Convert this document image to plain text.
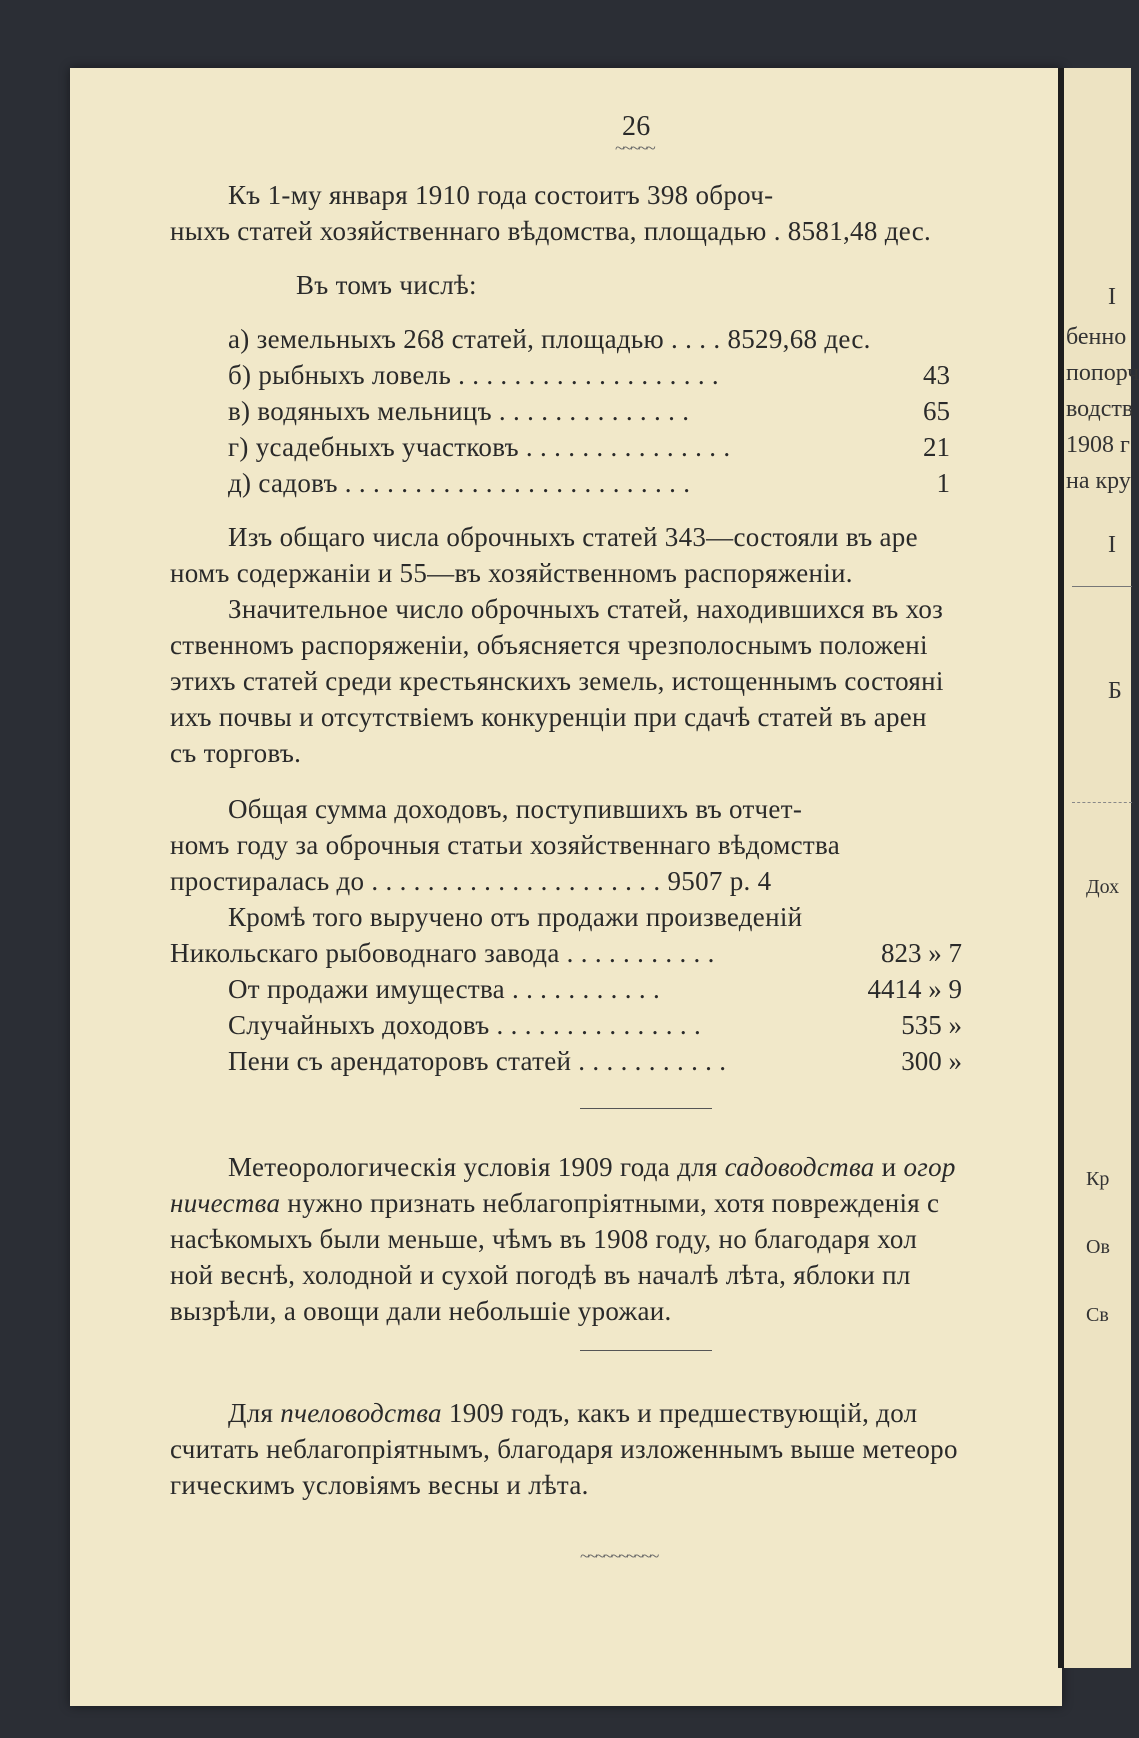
26
~~~~~
Къ 1-му января 1910 года состоитъ 398 оброч-
ныхъ статей хозяйственнаго вѣдомства, площадью . 8581,48 дес.
Въ томъ числѣ:
а) земельныхъ 268 статей, площадью . . . . 8529,68 дес.
б) рыбныхъ ловель . . . . . . . . . . . . . . . . . . .	43
в) водяныхъ мельницъ . . . . . . . . . . . . . .	65
г) усадебныхъ участковъ . . . . . . . . . . . . . . .	21
д) садовъ . . . . . . . . . . . . . . . . . . . . . . . . .	1
Изъ общаго числа оброчныхъ статей 343—состояли въ аре
номъ содержаніи и 55—въ хозяйственномъ распоряженіи.
Значительное число оброчныхъ статей, находившихся въ хоз
ственномъ распоряженіи, объясняется чрезполоснымъ положені
этихъ статей среди крестьянскихъ земель, истощеннымъ состояні
ихъ почвы и отсутствіемъ конкуренціи при сдачѣ статей въ арен
съ торговъ.
Общая сумма доходовъ, поступившихъ въ отчет-
номъ году за оброчныя статьи хозяйственнаго вѣдомства
простиралась до . . . . . . . . . . . . . . . . . . . . . 9507 р. 4
Кромѣ того выручено отъ продажи произведеній
Никольскаго рыбоводнаго завода . . . . . . . . . . .	823 » 7
От продажи имущества . . . . . . . . . . .	4414 » 9
Случайныхъ доходовъ . . . . . . . . . . . . . . .	535 »
Пени съ арендаторовъ статей . . . . . . . . . . .	300 »
Метеорологическія условія 1909 года для садоводства и огор
ничества нужно признать неблагопріятными, хотя поврежденія с
насѣкомыхъ были меньше, чѣмъ въ 1908 году, но благодаря хол
ной веснѣ, холодной и сухой погодѣ въ началѣ лѣта, яблоки пл
вызрѣли, а овощи дали небольшіе урожаи.
Для пчеловодства 1909 годъ, какъ и предшествующій, дол
считать неблагопріятнымъ, благодаря изложеннымъ выше метеоро
гическимъ условіямъ весны и лѣта.
~~~~~~~~~~
I
бенно
попорч
водств
1908 г
на кру
I
Б
Дох
Кр
Ов
Св
